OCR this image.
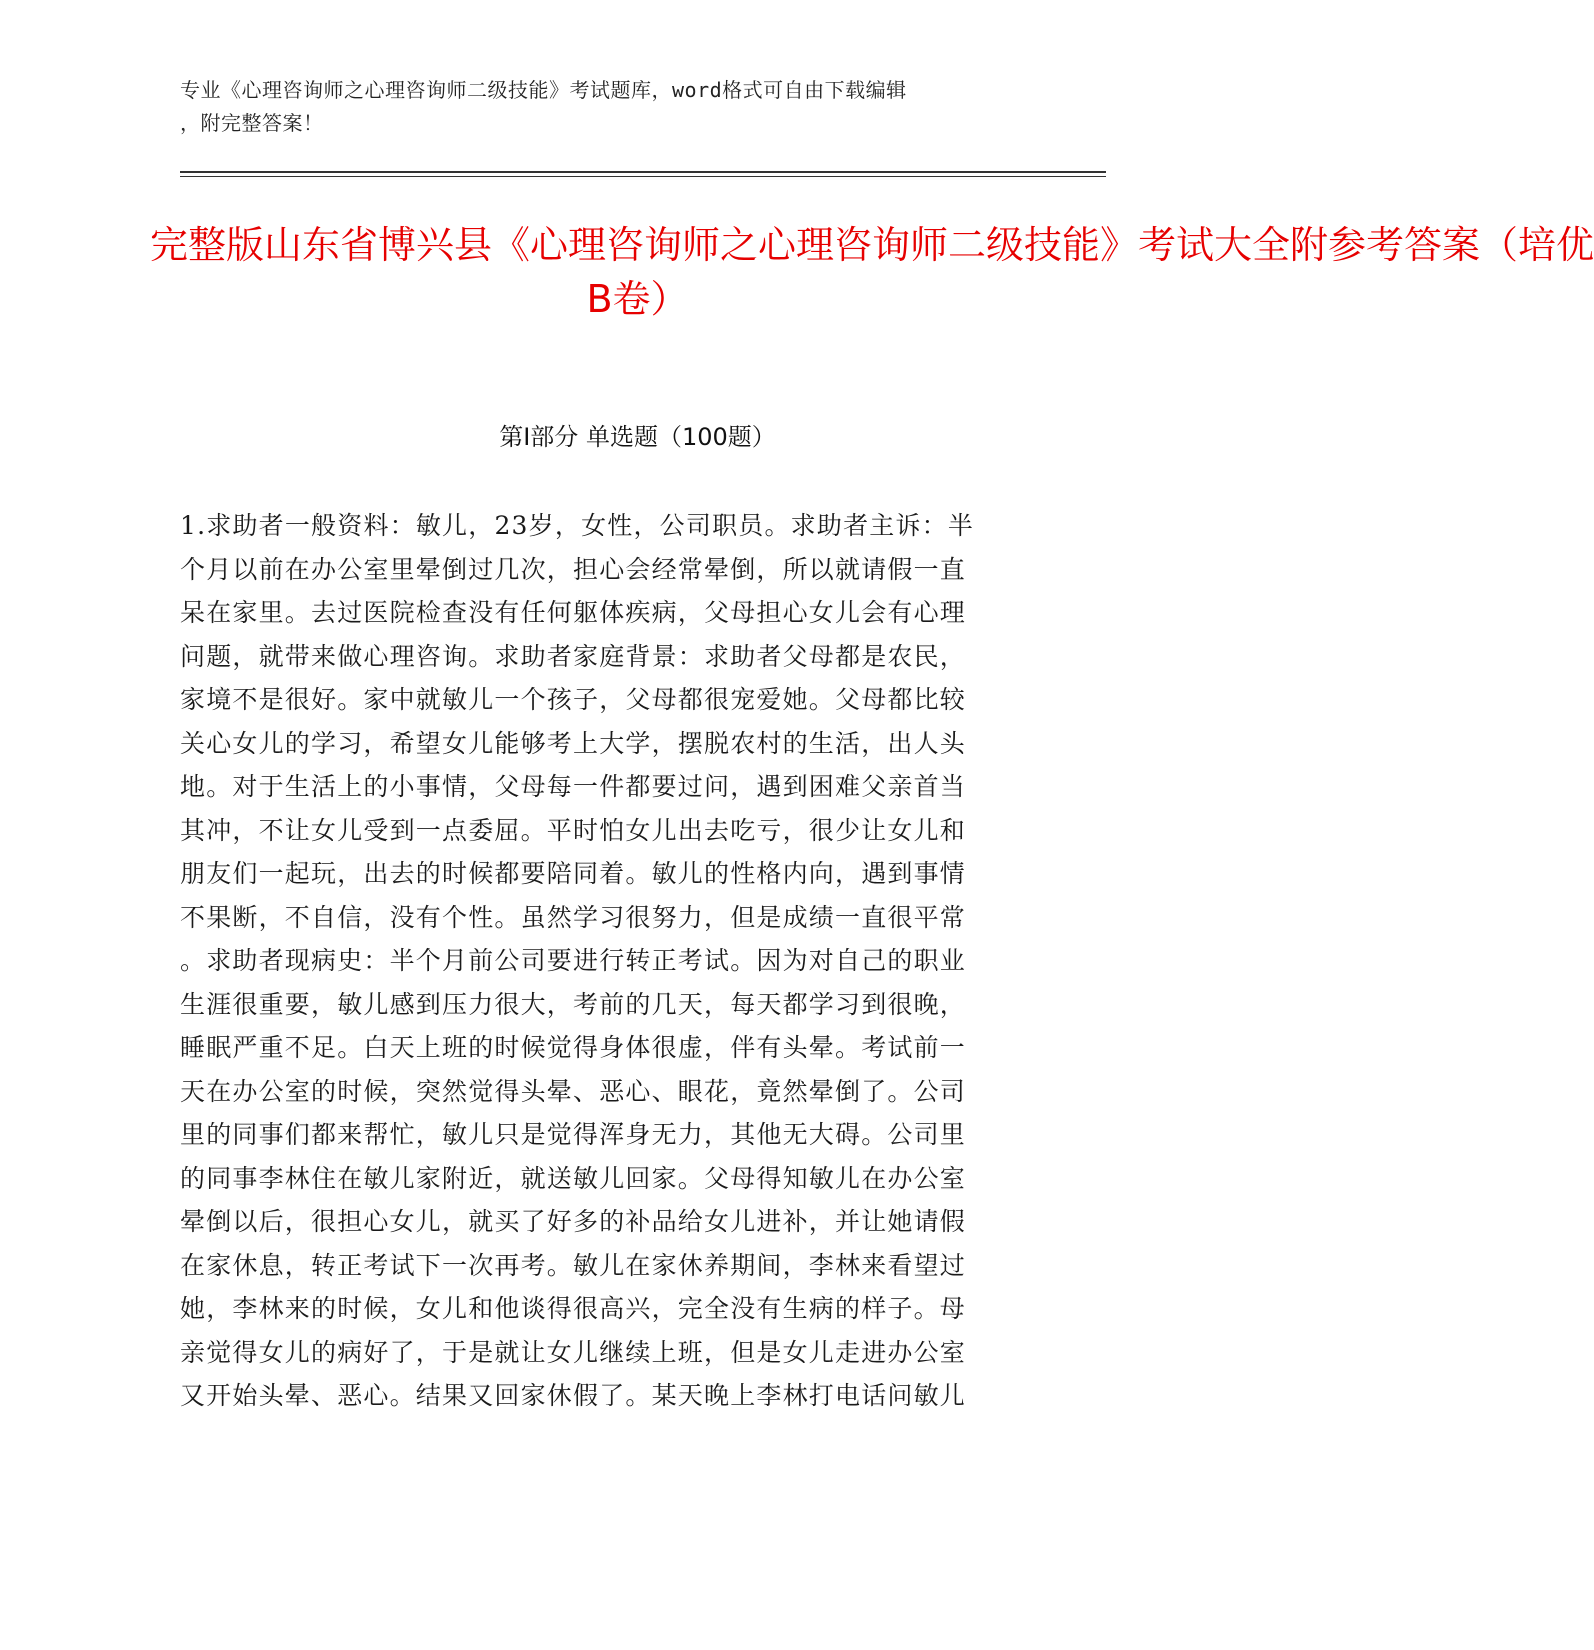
专业《心理咨询师之心理咨询师二级技能》考试题库，word格式可自由下载编辑
，附完整答案！
完整版山东省博兴县《心理咨询师之心理咨询师二级技能》考试大全附参考答案（培优
B卷）
第Ⅰ部分 单选题（100题）
1.求助者一般资料：敏儿，23岁，女性，公司职员。求助者主诉：半
个月以前在办公室里晕倒过几次，担心会经常晕倒，所以就请假一直
呆在家里。去过医院检查没有任何躯体疾病，父母担心女儿会有心理
问题，就带来做心理咨询。求助者家庭背景：求助者父母都是农民，
家境不是很好。家中就敏儿一个孩子，父母都很宠爱她。父母都比较
关心女儿的学习，希望女儿能够考上大学，摆脱农村的生活，出人头
地。对于生活上的小事情，父母每一件都要过问，遇到困难父亲首当
其冲，不让女儿受到一点委屈。平时怕女儿出去吃亏，很少让女儿和
朋友们一起玩，出去的时候都要陪同着。敏儿的性格内向，遇到事情
不果断，不自信，没有个性。虽然学习很努力，但是成绩一直很平常
。求助者现病史：半个月前公司要进行转正考试。因为对自己的职业
生涯很重要，敏儿感到压力很大，考前的几天，每天都学习到很晚，
睡眠严重不足。白天上班的时候觉得身体很虚，伴有头晕。考试前一
天在办公室的时候，突然觉得头晕、恶心、眼花，竟然晕倒了。公司
里的同事们都来帮忙，敏儿只是觉得浑身无力，其他无大碍。公司里
的同事李林住在敏儿家附近，就送敏儿回家。父母得知敏儿在办公室
晕倒以后，很担心女儿，就买了好多的补品给女儿进补，并让她请假
在家休息，转正考试下一次再考。敏儿在家休养期间，李林来看望过
她，李林来的时候，女儿和他谈得很高兴，完全没有生病的样子。母
亲觉得女儿的病好了，于是就让女儿继续上班，但是女儿走进办公室
又开始头晕、恶心。结果又回家休假了。某天晚上李林打电话问敏儿
